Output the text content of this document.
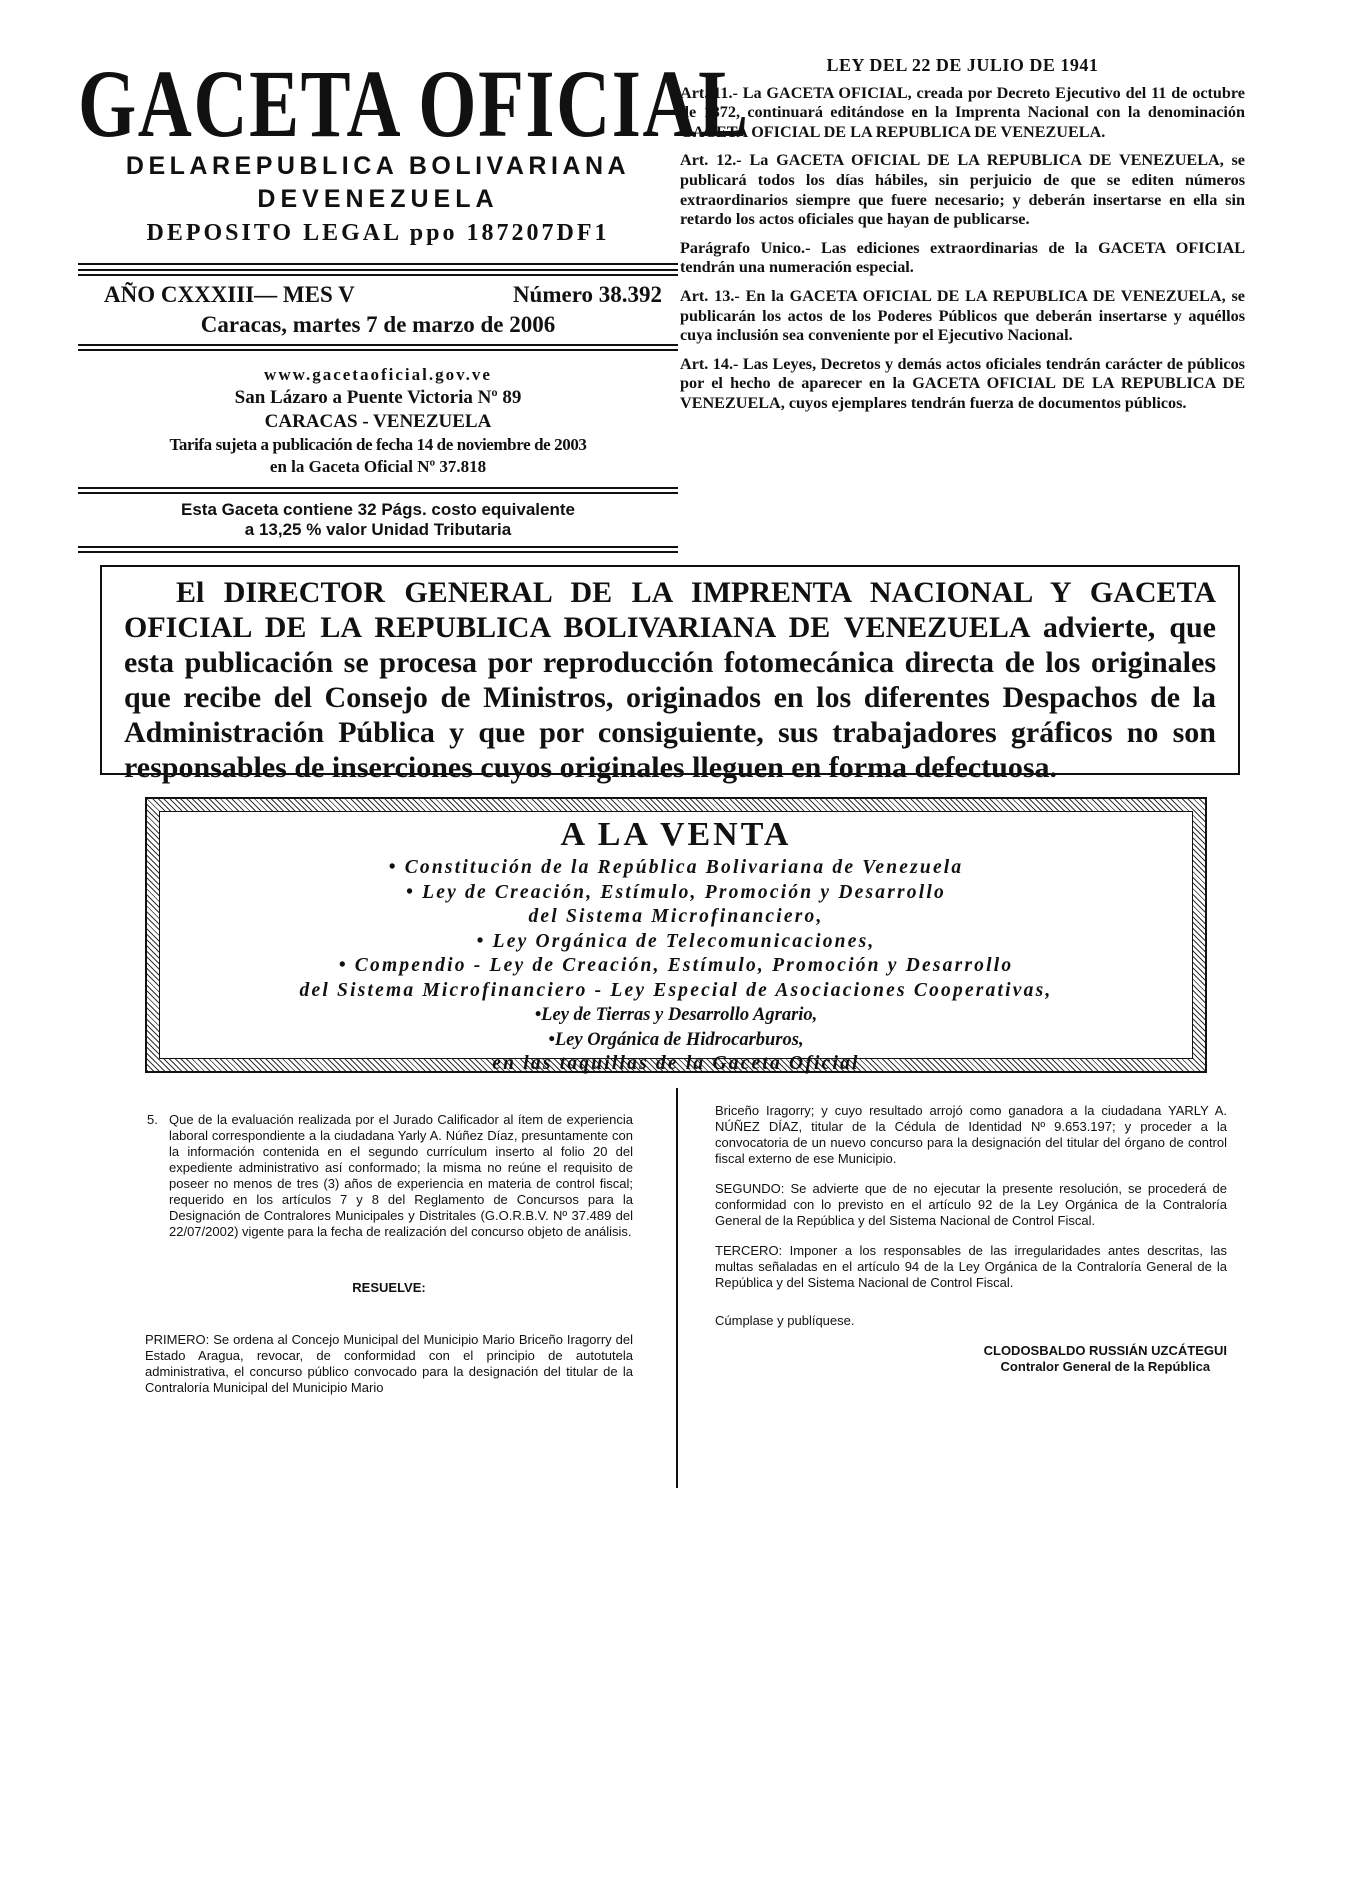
GACETA OFICIAL
DELAREPUBLICA BOLIVARIANA
DEVENEZUELA
DEPOSITO LEGAL ppo 187207DF1
AÑO CXXXIII— MES V	Número 38.392
Caracas, martes 7 de marzo de 2006
www.gacetaoficial.gov.ve
San Lázaro a Puente Victoria Nº 89
CARACAS - VENEZUELA
Tarifa sujeta a publicación de fecha 14 de noviembre de 2003
en la Gaceta Oficial Nº 37.818
Esta Gaceta contiene 32 Págs. costo equivalente
a 13,25 % valor Unidad Tributaria
LEY DEL 22 DE JULIO DE 1941

Art. 11.- La GACETA OFICIAL, creada por Decreto Ejecutivo del 11 de octubre de 1872, continuará editándose en la Imprenta Nacional con la denominación GACETA OFICIAL DE LA REPUBLICA DE VENEZUELA.

Art. 12.- La GACETA OFICIAL DE LA REPUBLICA DE VENEZUELA, se publicará todos los días hábiles, sin perjuicio de que se editen números extraordinarios siempre que fuere necesario; y deberán insertarse en ella sin retardo los actos oficiales que hayan de publicarse.

Parágrafo Unico.- Las ediciones extraordinarias de la GACETA OFICIAL tendrán una numeración especial.

Art. 13.- En la GACETA OFICIAL DE LA REPUBLICA DE VENEZUELA, se publicarán los actos de los Poderes Públicos que deberán insertarse y aquéllos cuya inclusión sea conveniente por el Ejecutivo Nacional.

Art. 14.- Las Leyes, Decretos y demás actos oficiales tendrán carácter de públicos por el hecho de aparecer en la GACETA OFICIAL DE LA REPUBLICA DE VENEZUELA, cuyos ejemplares tendrán fuerza de documentos públicos.

El DIRECTOR GENERAL DE LA IMPRENTA NACIONAL Y GACETA OFICIAL DE LA REPUBLICA BOLIVARIANA DE VENEZUELA advierte, que esta publicación se procesa por reproducción fotomecánica directa de los originales que recibe del Consejo de Ministros, originados en los diferentes Despachos de la Administración Pública y que por consiguiente, sus trabajadores gráficos no son responsables de inserciones cuyos originales lleguen en forma defectuosa.
A LA VENTA
• Constitución de la República Bolivariana de Venezuela
• Ley de Creación, Estímulo, Promoción y Desarrollo
del Sistema Microfinanciero,
• Ley Orgánica de Telecomunicaciones,
• Compendio - Ley de Creación, Estímulo, Promoción y Desarrollo
del Sistema Microfinanciero - Ley Especial de Asociaciones Cooperativas,
•Ley de Tierras y Desarrollo Agrario,
•Ley Orgánica de Hidrocarburos,
en las taquillas de la Gaceta Oficial

5. Que de la evaluación realizada por el Jurado Calificador al ítem de experiencia laboral correspondiente a la ciudadana Yarly A. Núñez Díaz, presuntamente con la información contenida en el segundo currículum inserto al folio 20 del expediente administrativo así conformado; la misma no reúne el requisito de poseer no menos de tres (3) años de experiencia en materia de control fiscal; requerido en los artículos 7 y 8 del Reglamento de Concursos para la Designación de Contralores Municipales y Distritales (G.O.R.B.V. Nº 37.489 del 22/07/2002) vigente para la fecha de realización del concurso objeto de análisis.

RESUELVE:

PRIMERO: Se ordena al Concejo Municipal del Municipio Mario Briceño Iragorry del Estado Aragua, revocar, de conformidad con el principio de autotutela administrativa, el concurso público convocado para la designación del titular de la Contraloría Municipal del Municipio Mario

Briceño Iragorry; y cuyo resultado arrojó como ganadora a la ciudadana YARLY A. NÚÑEZ DÍAZ, titular de la Cédula de Identidad Nº 9.653.197; y proceder a la convocatoria de un nuevo concurso para la designación del titular del órgano de control fiscal externo de ese Municipio.

SEGUNDO: Se advierte que de no ejecutar la presente resolución, se procederá de conformidad con lo previsto en el artículo 92 de la Ley Orgánica de la Contraloría General de la República y del Sistema Nacional de Control Fiscal.

TERCERO: Imponer a los responsables de las irregularidades antes descritas, las multas señaladas en el artículo 94 de la Ley Orgánica de la Contraloría General de la República y del Sistema Nacional de Control Fiscal.

Cúmplase y publíquese.

CLODOSBALDO RUSSIÁN UZCÁTEGUI
Contralor General de la República
